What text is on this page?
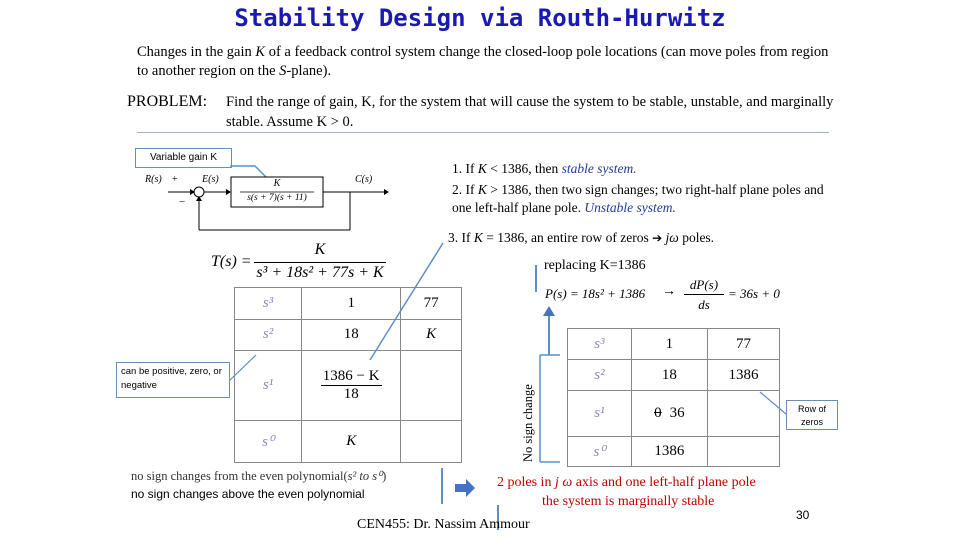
Stability Design via Routh-Hurwitz
Changes in the gain K of a feedback control system change the closed-loop pole locations (can move poles from region to another region on the S-plane).
PROBLEM: Find the range of gain, K, for the system that will cause the system to be stable, unstable, and marginally stable. Assume K > 0.
Variable gain K
R(s) +
−
E(s)	C(s)
K
s(s + 7)(s + 11)
1. If K < 1386, then stable system.
2. If K > 1386, then two sign changes; two right-half plane poles and one left-half plane pole. Unstable system.
3. If K = 1386, an entire row of zeros ➔ jω poles.
T(s) =
K
s³ + 18s² + 77s + K	replacing K=1386
P(s) = 18s² + 1386 →	dP(s)
ds
= 36s + 0
s³	1	77
s²	18	K
s¹	$\frac{1386 - K}{18}$

s⁰	K	
can be positive, zero, or negative
s³	1	77
s²	18	1386
s¹	0 36	
s⁰	1386	
Row of zeros
No sign change
no sign changes from the even polynomial(s² to s⁰)
no sign changes above the even polynomial
2 poles in j ω axis and one left-half plane pole
the system is marginally stable
CEN455: Dr. Nassim Ammour
30
